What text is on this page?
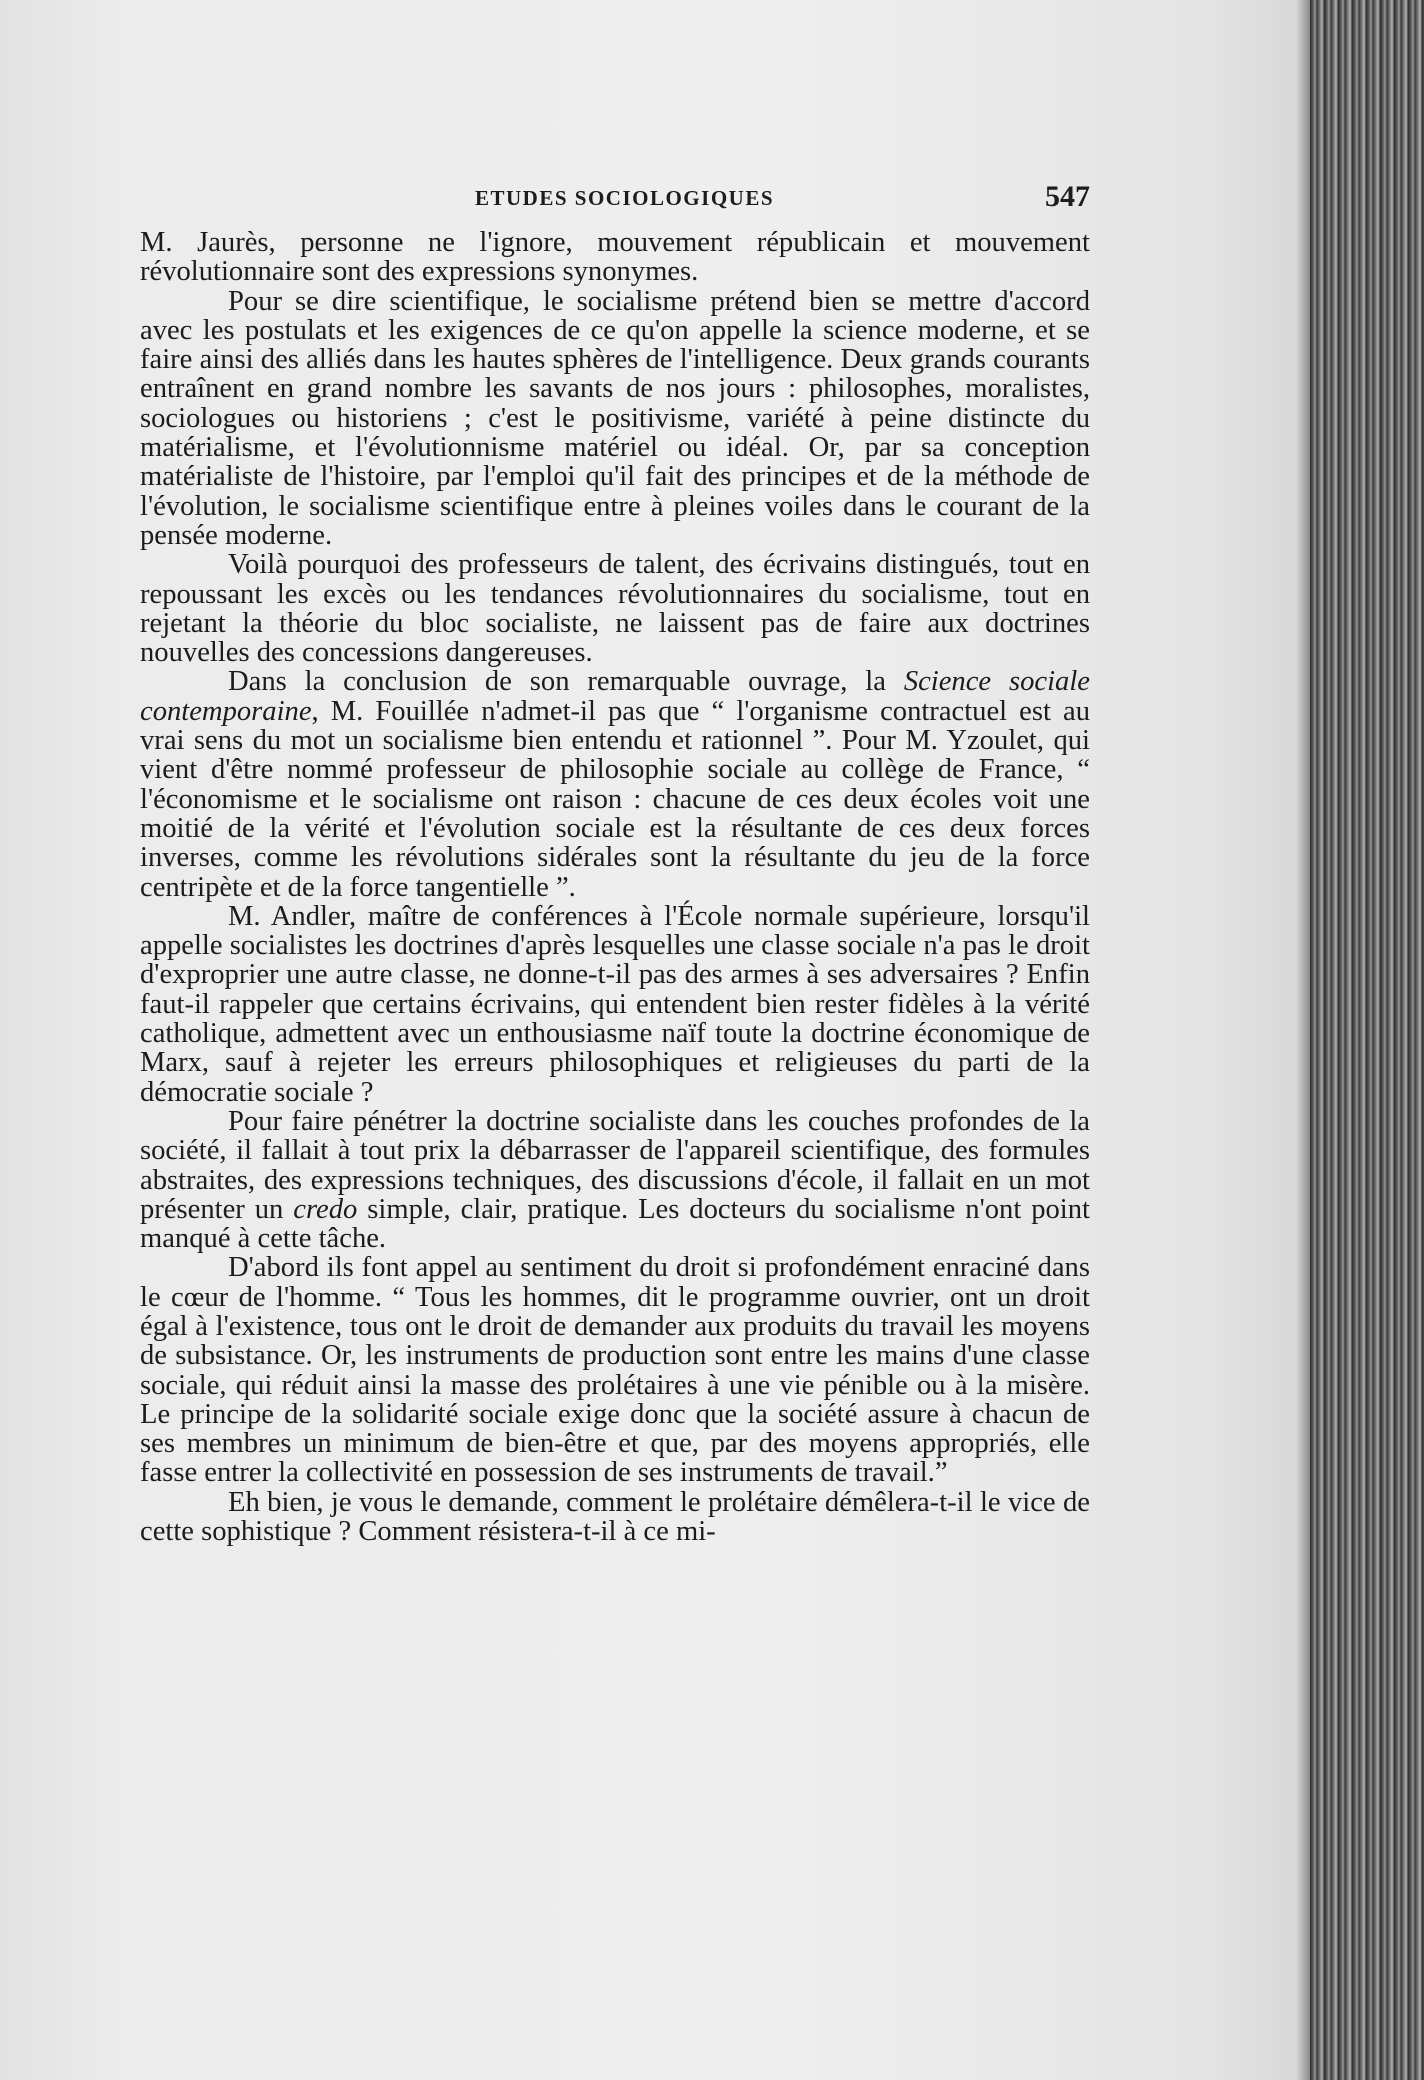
ETUDES SOCIOLOGIQUES	547

M. Jaurès, personne ne l'ignore, mouvement républicain et mouvement révolutionnaire sont des expressions synonymes.

Pour se dire scientifique, le socialisme prétend bien se mettre d'accord avec les postulats et les exigences de ce qu'on appelle la science moderne, et se faire ainsi des alliés dans les hautes sphères de l'intelligence. Deux grands courants entraînent en grand nombre les savants de nos jours : philosophes, moralistes, sociologues ou historiens ; c'est le positivisme, variété à peine distincte du matérialisme, et l'évolutionnisme matériel ou idéal. Or, par sa conception matérialiste de l'histoire, par l'emploi qu'il fait des principes et de la méthode de l'évolution, le socialisme scientifique entre à pleines voiles dans le courant de la pensée moderne.

Voilà pourquoi des professeurs de talent, des écrivains distingués, tout en repoussant les excès ou les tendances révolutionnaires du socialisme, tout en rejetant la théorie du bloc socialiste, ne laissent pas de faire aux doctrines nouvelles des concessions dangereuses.

Dans la conclusion de son remarquable ouvrage, la Science sociale contemporaine, M. Fouillée n'admet-il pas que “ l'organisme contractuel est au vrai sens du mot un socialisme bien entendu et rationnel ”. Pour M. Yzoulet, qui vient d'être nommé professeur de philosophie sociale au collège de France, “ l'économisme et le socialisme ont raison : chacune de ces deux écoles voit une moitié de la vérité et l'évolution sociale est la résultante de ces deux forces inverses, comme les révolutions sidérales sont la résultante du jeu de la force centripète et de la force tangentielle ”.

M. Andler, maître de conférences à l'École normale supérieure, lorsqu'il appelle socialistes les doctrines d'après lesquelles une classe sociale n'a pas le droit d'exproprier une autre classe, ne donne-t-il pas des armes à ses adversaires ? Enfin faut-il rappeler que certains écrivains, qui entendent bien rester fidèles à la vérité catholique, admettent avec un enthousiasme naïf toute la doctrine économique de Marx, sauf à rejeter les erreurs philosophiques et religieuses du parti de la démocratie sociale ?

Pour faire pénétrer la doctrine socialiste dans les couches profondes de la société, il fallait à tout prix la débarrasser de l'appareil scientifique, des formules abstraites, des expressions techniques, des discussions d'école, il fallait en un mot présenter un credo simple, clair, pratique. Les docteurs du socialisme n'ont point manqué à cette tâche.

D'abord ils font appel au sentiment du droit si profondément enraciné dans le cœur de l'homme. “ Tous les hommes, dit le programme ouvrier, ont un droit égal à l'existence, tous ont le droit de demander aux produits du travail les moyens de subsistance. Or, les instruments de production sont entre les mains d'une classe sociale, qui réduit ainsi la masse des prolétaires à une vie pénible ou à la misère. Le principe de la solidarité sociale exige donc que la société assure à chacun de ses membres un minimum de bien-être et que, par des moyens appropriés, elle fasse entrer la collectivité en possession de ses instruments de travail.”

Eh bien, je vous le demande, comment le prolétaire démêlera-t-il le vice de cette sophistique ? Comment résistera-t-il à ce mi-
